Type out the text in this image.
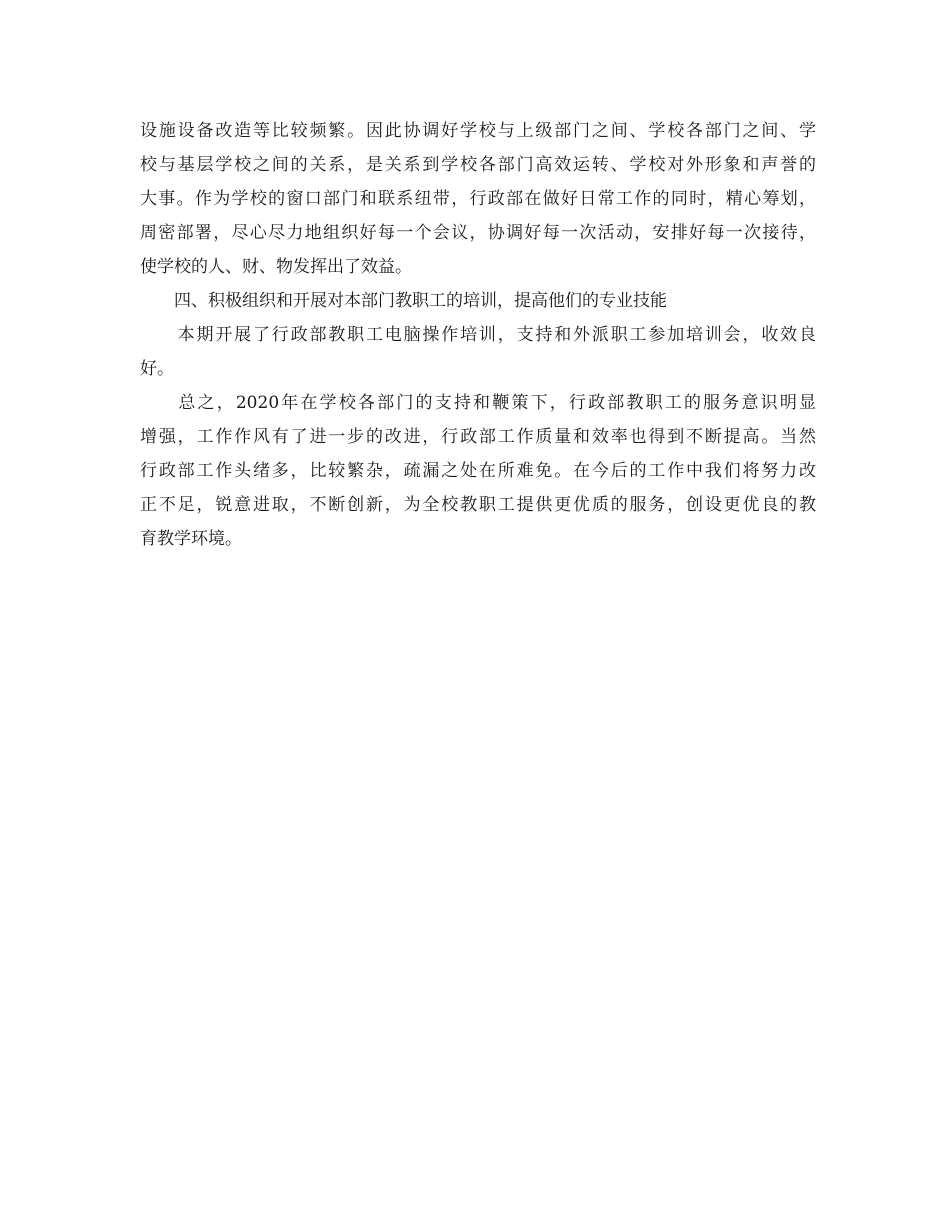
设施设备改造等比较频繁。因此协调好学校与上级部门之间、学校各部门之间、学
校与基层学校之间的关系，是关系到学校各部门高效运转、学校对外形象和声誉的
大事。作为学校的窗口部门和联系纽带，行政部在做好日常工作的同时，精心筹划，
周密部署，尽心尽力地组织好每一个会议，协调好每一次活动，安排好每一次接待，
使学校的人、财、物发挥出了效益。
　　四、积极组织和开展对本部门教职工的培训，提高他们的专业技能
　　本期开展了行政部教职工电脑操作培训，支持和外派职工参加培训会，收效良
好。
　　总之，2020年在学校各部门的支持和鞭策下，行政部教职工的服务意识明显
增强，工作作风有了进一步的改进，行政部工作质量和效率也得到不断提高。当然
行政部工作头绪多，比较繁杂，疏漏之处在所难免。在今后的工作中我们将努力改
正不足，锐意进取，不断创新，为全校教职工提供更优质的服务，创设更优良的教
育教学环境。
